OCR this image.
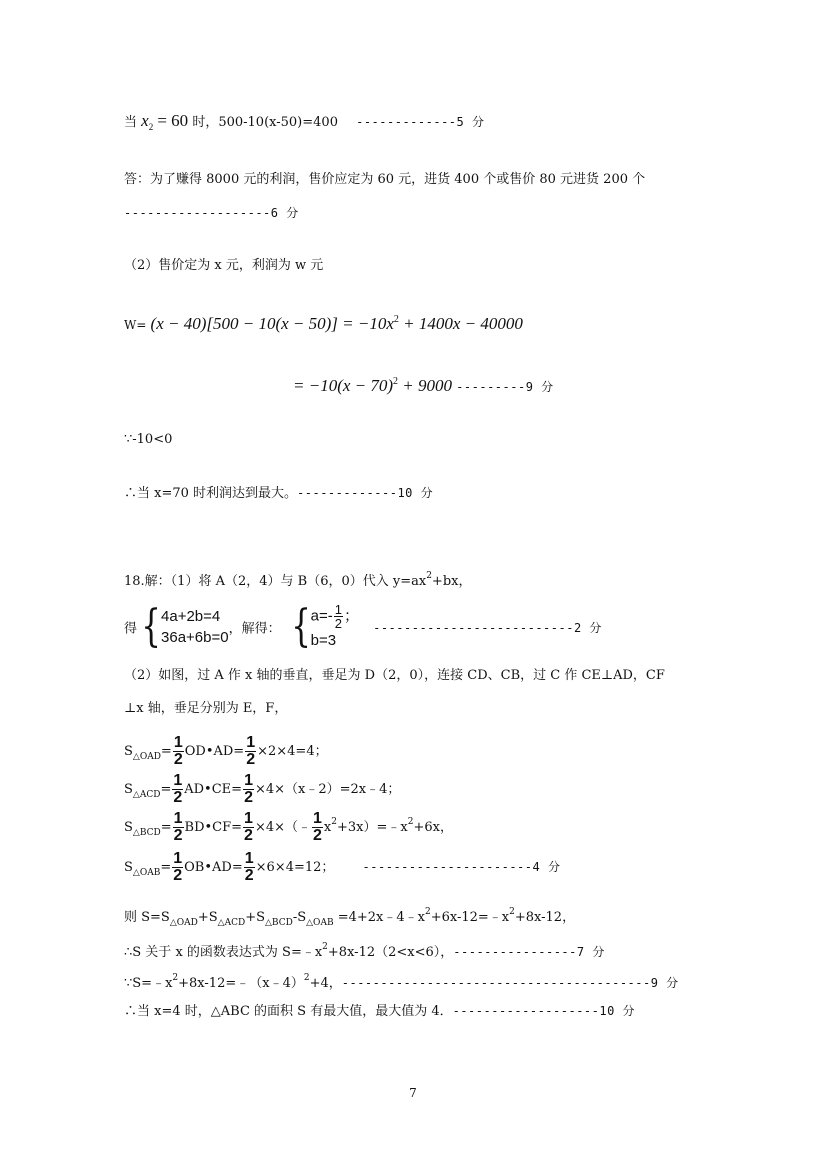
当 $x_2 = 60$ 时，500-10(x-50)=400 -------------5 分
答：为了赚得 8000 元的利润，售价应定为 60 元，进货 400 个或售价 80 元进货 200 个
-------------------6 分
（2）售价定为 x 元，利润为 w 元
$W= (x - 40)[500 - 10(x - 50)] = -10x^2 + 1400x - 40000$
= $-10(x - 70)^2 + 9000$ ---------9 分
∵-10<0
∴当 x=70 时利润达到最大。-------------10 分
18.解：（1）将 A（2，4）与 B（6，0）代入 $y=ax^2+bx$，
得{ 4a+2b=4
36a+6b=0 ，解得： { $a=- \frac{1}{2}$ ；
b=3
--------------------------2 分
（2）如图，过 A 作 x 轴的垂直，垂足为 D（2，0），连接 CD、CB，过 C 作 CE⊥AD，CF
⊥x 轴，垂足分别为 E，F，
$S_{\triangle OAD}= \frac{1}{2}$ OD•AD= $\frac{1}{2} \times 2\times 4=4$；
$S_{\triangle ACD}= \frac{1}{2}$ AD•CE= $\frac{1}{2}$ ×4×（x﹣2）=2x﹣4；
$S_{\triangle BCD}= \frac{1}{2}$ BD•CF= $\frac{1}{2}$ ×4×（﹣ $\frac{1}{2}$ $x^2+3x)=﹣x^2+6x$，
$S_{\triangle OAB}= \frac{1}{2}$ OB•AD= $\frac{1}{2} \times 6\times 4=12$； ----------------------4 分
则 $S=S_{\triangle OAD}+S_{\triangle ACD}+S_{\triangle BCD}-S_{\triangle OAB}$ $=4+2x﹣4﹣x^2+6x-12=﹣x^2+8x-12$，
∴S 关于 x 的函数表达式为 $S=﹣x^2+8x-12(2<x<6)$，----------------7 分
$\because S=﹣x^2+8x-12=﹣(x﹣4)^2+4$，----------------------------------------9 分
∴当 x=4 时，△ABC 的面积 S 有最大值，最大值为 4．-------------------10 分
7
